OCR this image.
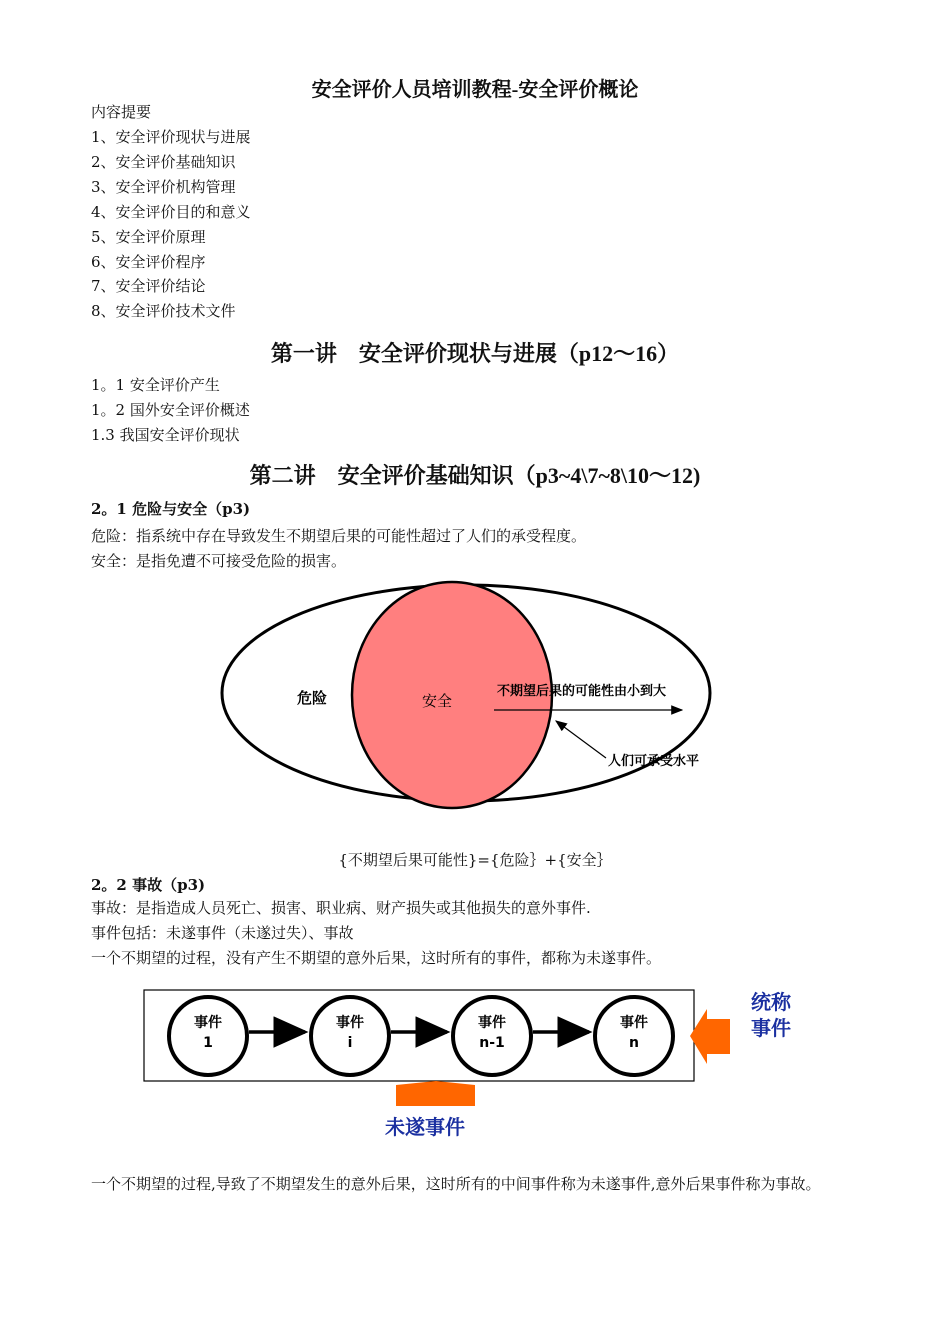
安全评价人员培训教程-安全评价概论
内容提要
1、安全评价现状与进展
2、安全评价基础知识
3、安全评价机构管理
4、安全评价目的和意义
5、安全评价原理
6、安全评价程序
7、安全评价结论
8、安全评价技术文件
第一讲　安全评价现状与进展（p12～16）
1。1 安全评价产生
1。2 国外安全评价概述
1.3 我国安全评价现状
第二讲　安全评价基础知识（p3~4\7~8\10～12)
2。1 危险与安全（p3)
危险：指系统中存在导致发生不期望后果的可能性超过了人们的承受程度。
安全：是指免遭不可接受危险的损害。
危险	安全
不期望后果的可能性由小到大
人们可承受水平
{不期望后果可能性}={危险｝+{安全｝
2。2 事故（p3)
事故：是指造成人员死亡、损害、职业病、财产损失或其他损失的意外事件.
事件包括：未遂事件（未遂过失）、事故
一个不期望的过程，没有产生不期望的意外后果，这时所有的事件，都称为未遂事件。
事件
1
事件
i
事件
n-1
事件
n
统称
事件
未遂事件
一个不期望的过程,导致了不期望发生的意外后果，这时所有的中间事件称为未遂事件,意外后果事件称为事故。
